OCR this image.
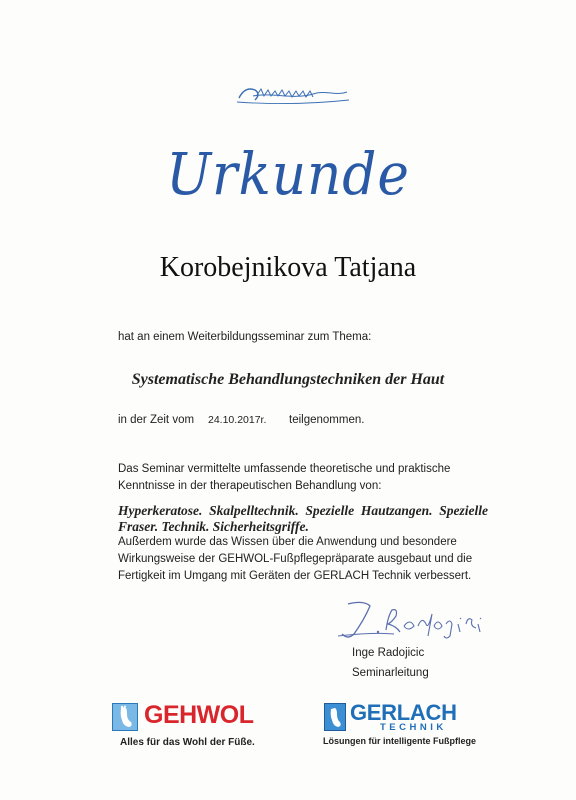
Urkunde
Korobejnikova Tatjana
hat an einem Weiterbildungsseminar zum Thema:
Systematische Behandlungstechniken der Haut
in der Zeit vom 24.10.2017r. teilgenommen.
Das Seminar vermittelte umfassende theoretische und praktische Kenntnisse in der therapeutischen Behandlung von:
Hyperkeratose. Skalpelltechnik. Spezielle Hautzangen. Spezielle Fraser. Technik. Sicherheitsgriffe.
Außerdem wurde das Wissen über die Anwendung und besondere Wirkungsweise der GEHWOL-Fußpflegepräparate ausgebaut und die Fertigkeit im Umgang mit Geräten der GERLACH Technik verbessert.
Inge Radojicic
Seminarleitung
GEHWOL
Alles für das Wohl der Füße.
GERLACH
TECHNIK
Lösungen für intelligente Fußpflege
